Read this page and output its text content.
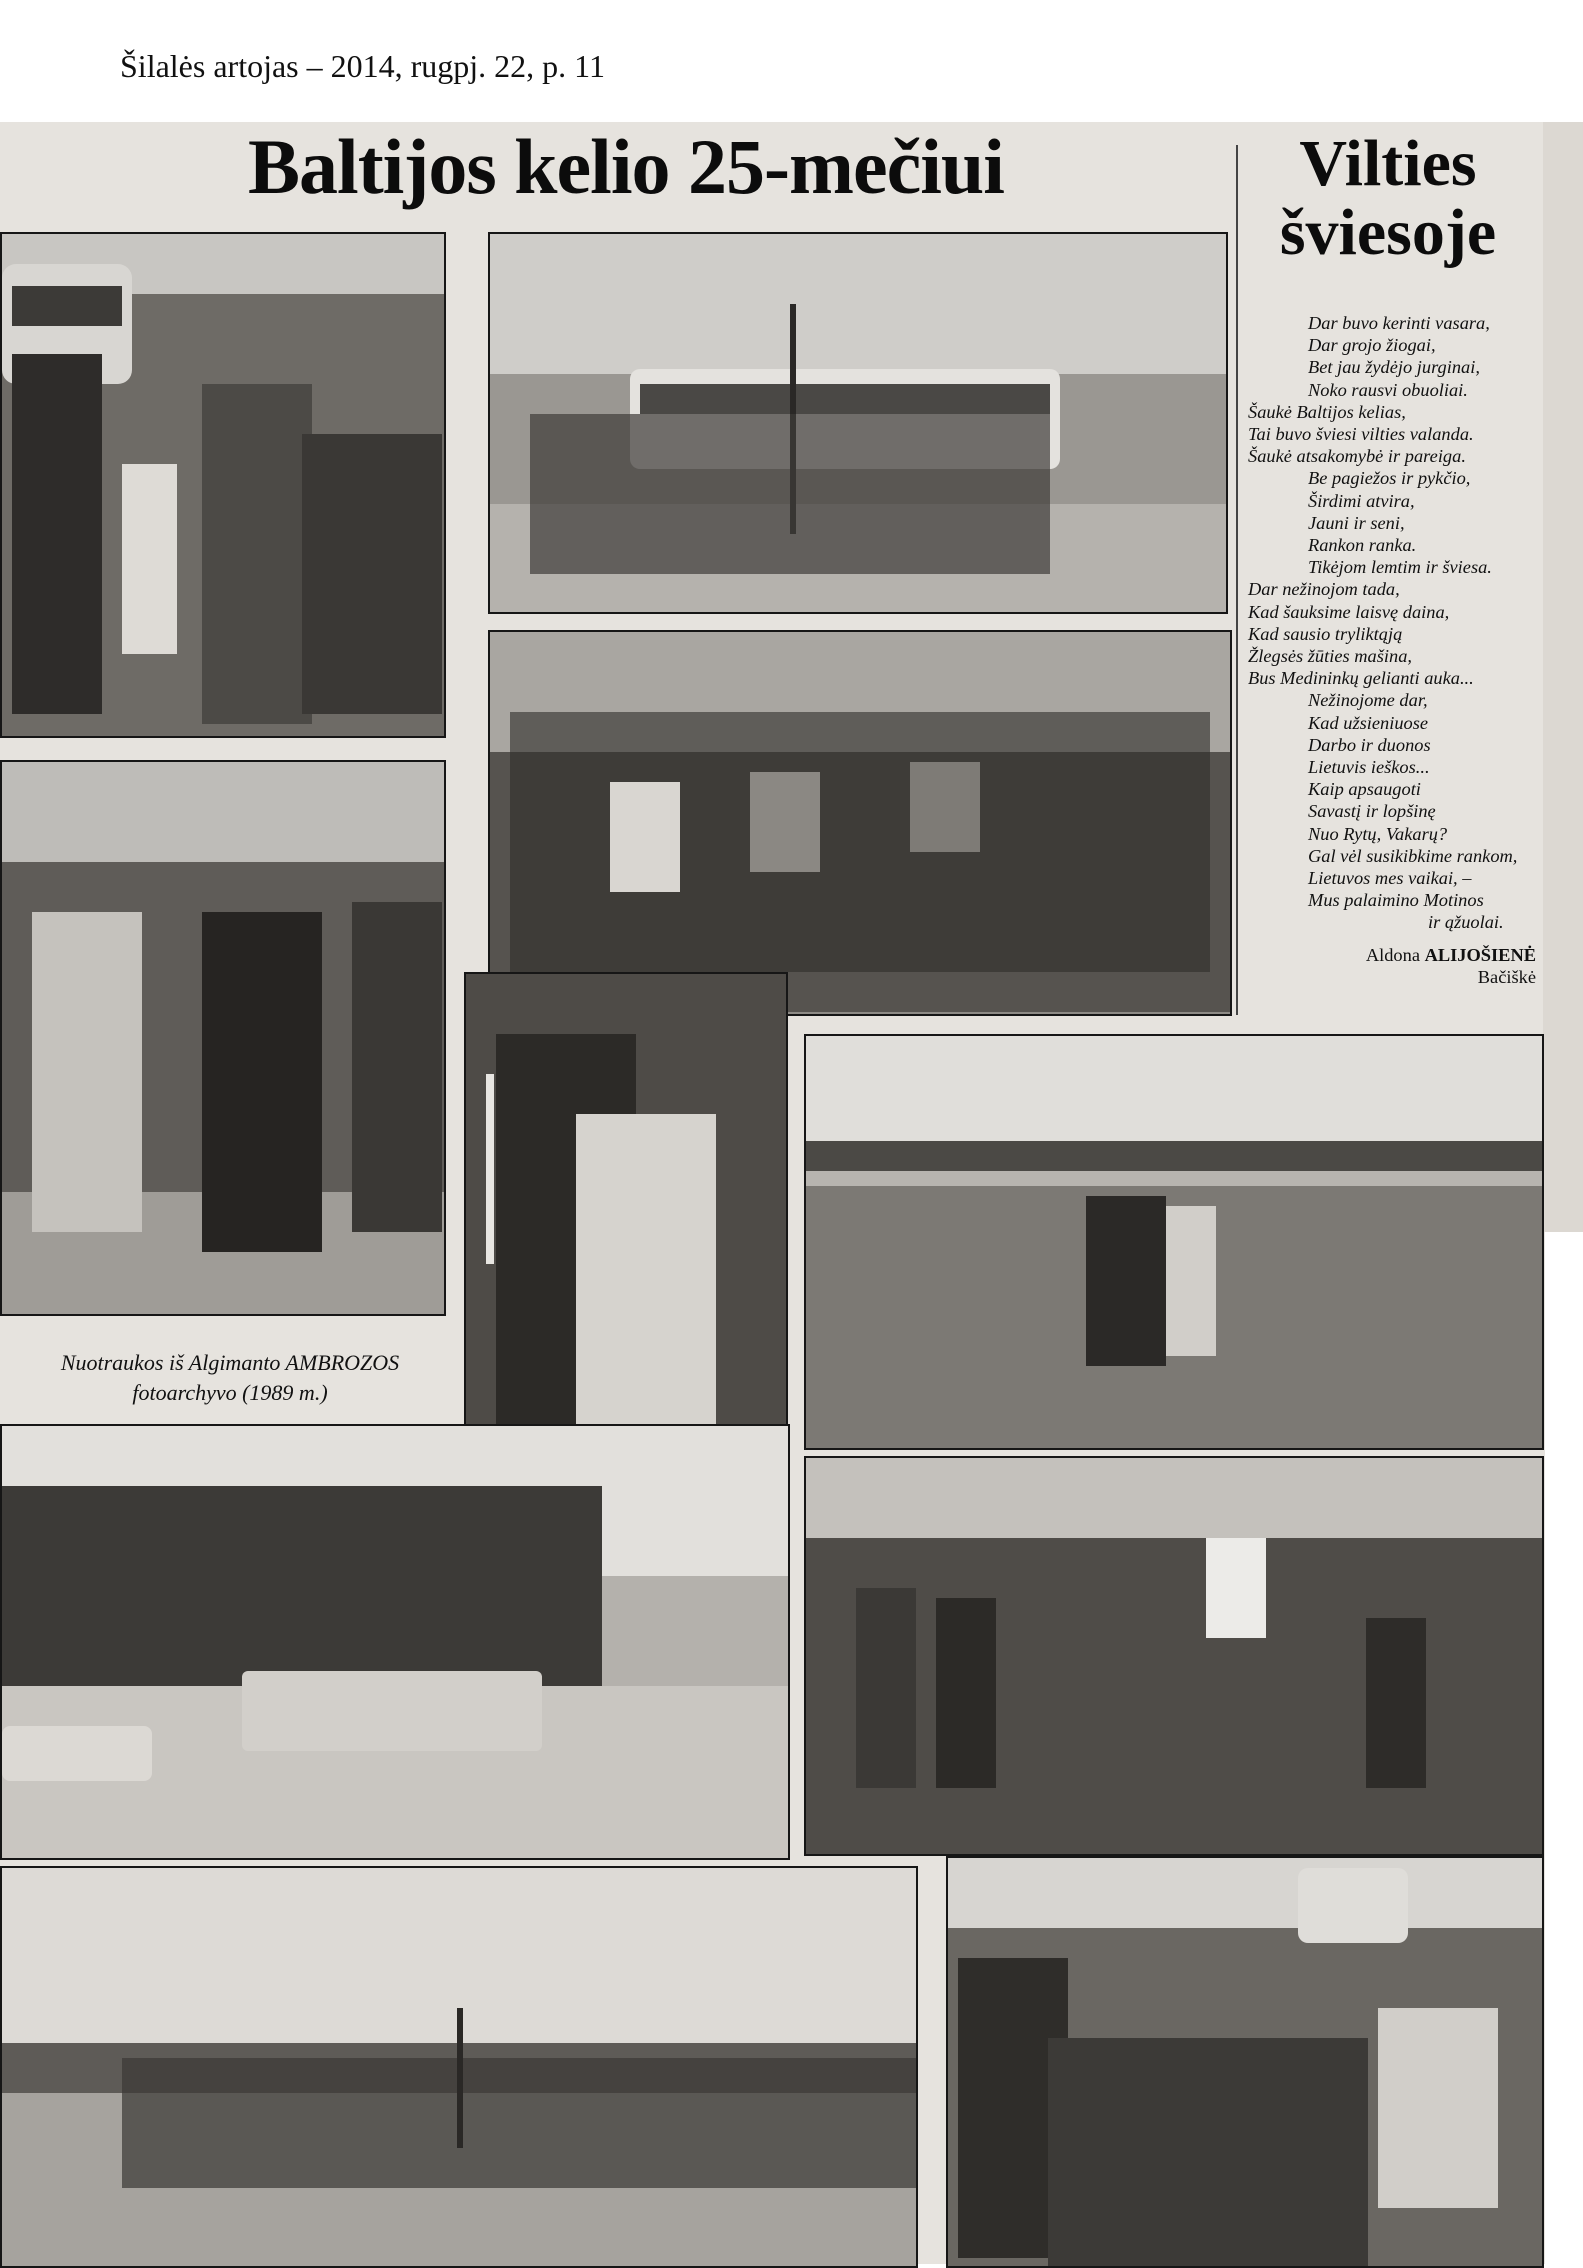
Šilalės artojas – 2014, rugpj. 22, p. 11
Baltijos kelio 25-mečiui	Vilties
šviesoje
Dar buvo kerinti vasara,
Dar grojo žiogai,
Bet jau žydėjo jurginai,
Noko rausvi obuoliai.
Šaukė Baltijos kelias,
Tai buvo šviesi vilties valanda.
Šaukė atsakomybė ir pareiga.
Be pagiežos ir pykčio,
Širdimi atvira,
Jauni ir seni,
Rankon ranka.
Tikėjom lemtim ir šviesa.
Dar nežinojom tada,
Kad šauksime laisvę daina,
Kad sausio tryliktąją
Žlegsės žūties mašina,
Bus Medininkų gelianti auka...
Nežinojome dar,
Kad užsieniuose
Darbo ir duonos
Lietuvis ieškos...
Kaip apsaugoti
Savastį ir lopšinę
Nuo Rytų, Vakarų?
Gal vėl susikibkime rankom,
Lietuvos mes vaikai, –
Mus palaimino Motinos
ir ąžuolai.
Aldona ALIJOŠIENĖ
Bačiškė
Nuotraukos iš Algimanto AMBROZOS
fotoarchyvo (1989 m.)
